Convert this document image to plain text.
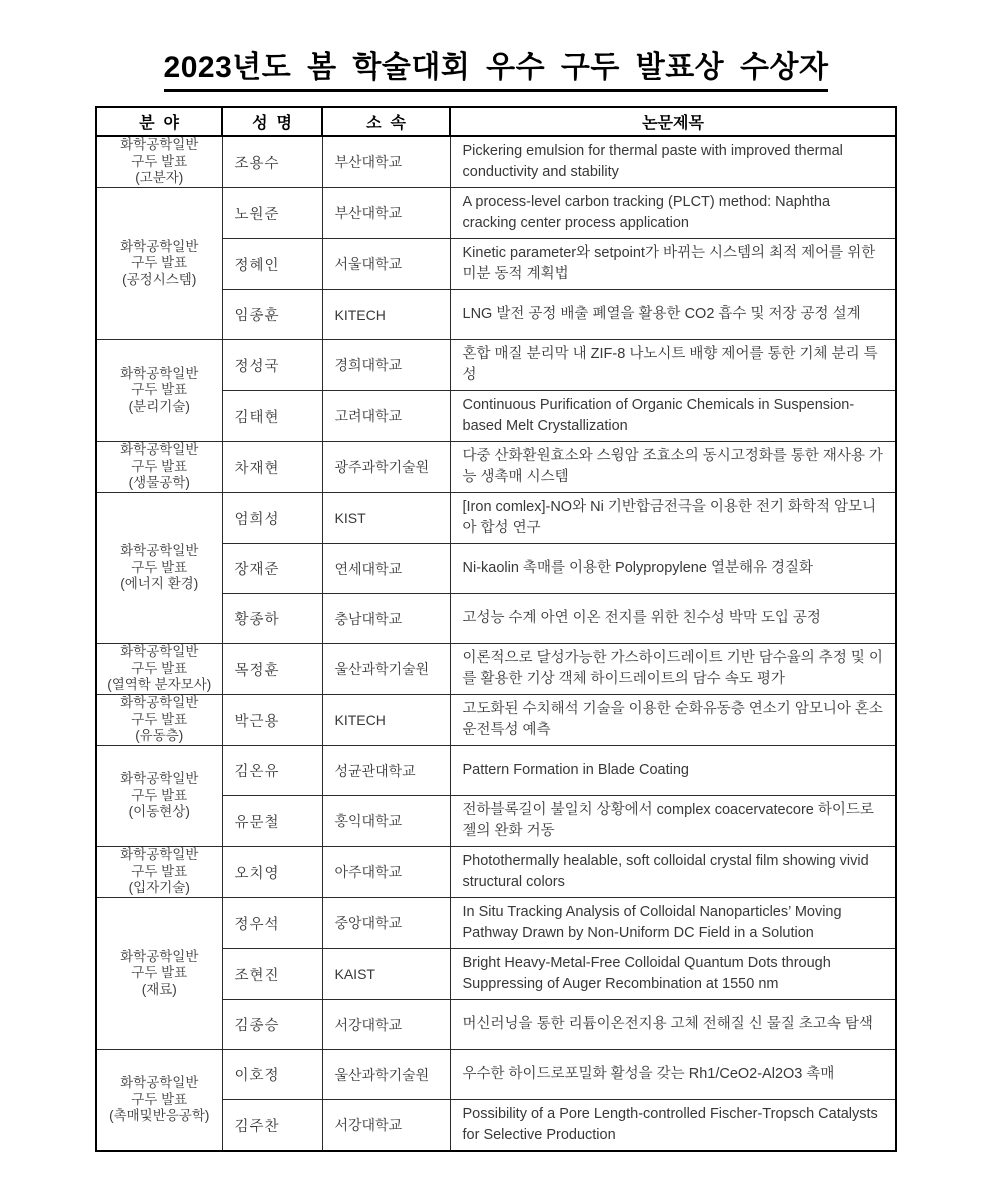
2023년도 봄 학술대회 우수 구두 발표상 수상자
분  야	성  명	소  속	논문제목

화학공학일반
구두 발표
(고분자)	조용수	부산대학교	Pickering emulsion for thermal paste with improved thermal conductivity and stability

화학공학일반
구두 발표
(공정시스템)	노원준	부산대학교	A process-level carbon tracking (PLCT) method: Naphtha cracking center process application
	정혜인	서울대학교	Kinetic parameter와 setpoint가 바뀌는 시스템의 최적 제어를 위한 미분 동적 계획법
	임종훈	KITECH	LNG 발전 공정 배출 폐열을 활용한 CO2 흡수 및 저장 공정 설계

화학공학일반
구두 발표
(분리기술)	정성국	경희대학교	혼합 매질 분리막 내 ZIF-8 나노시트 배향 제어를 통한 기체 분리 특성
	김태현	고려대학교	Continuous Purification of Organic Chemicals in Suspension-based Melt Crystallization

화학공학일반
구두 발표
(생물공학)	차재현	광주과학기술원	다중 산화환원효소와 스윙암 조효소의 동시고정화를 통한 재사용 가능 생촉매 시스템

화학공학일반
구두 발표
(에너지 환경)	엄희성	KIST	[Iron comlex]-NO와 Ni 기반합금전극을 이용한 전기 화학적 암모니아 합성 연구
	장재준	연세대학교	Ni-kaolin 촉매를 이용한 Polypropylene 열분해유 경질화
	황종하	충남대학교	고성능 수계 아연 이온 전지를 위한 친수성 박막 도입 공정

화학공학일반
구두 발표
(열역학 분자모사)	목정훈	울산과학기술원	이론적으로 달성가능한 가스하이드레이트 기반 담수율의 추정 및 이를 활용한 기상 객체 하이드레이트의 담수 속도 평가

화학공학일반
구두 발표
(유동층)	박근용	KITECH	고도화된 수치해석 기술을 이용한 순화유동층 연소기 암모니아 혼소 운전특성 예측

화학공학일반
구두 발표
(이동현상)	김온유	성균관대학교	Pattern Formation in Blade Coating
	유문철	홍익대학교	전하블록길이 불일치 상황에서 complex coacervatecore 하이드로젤의 완화 거동

화학공학일반
구두 발표
(입자기술)	오치영	아주대학교	Photothermally healable, soft colloidal crystal film showing vivid structural colors

화학공학일반
구두 발표
(재료)	정우석	중앙대학교	In Situ Tracking Analysis of Colloidal Nanoparticles’ Moving Pathway Drawn by Non-Uniform DC Field in a Solution
	조현진	KAIST	Bright Heavy-Metal-Free Colloidal Quantum Dots through Suppressing of Auger Recombination at 1550 nm
	김종승	서강대학교	머신러닝을 통한 리튬이온전지용 고체 전해질 신 물질 초고속 탐색

화학공학일반
구두 발표
(촉매및반응공학)	이호정	울산과학기술원	우수한 하이드로포밀화 활성을 갖는 Rh1/CeO2-Al2O3 촉매
	김주찬	서강대학교	Possibility of a Pore Length-controlled Fischer-Tropsch Catalysts for Selective Production
